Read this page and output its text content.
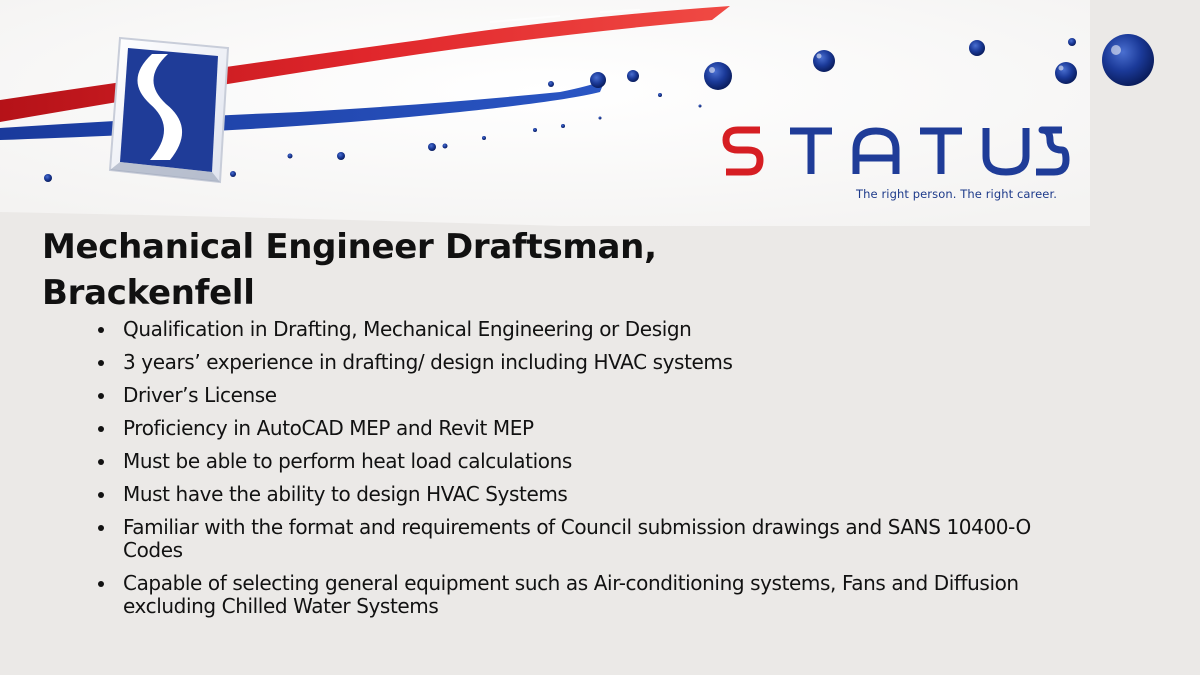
The right person. The right career.
Mechanical Engineer Draftsman,
Brackenfell
Qualification in Drafting, Mechanical Engineering or Design
3 years’ experience in drafting/ design including HVAC systems
Driver’s License
Proficiency in AutoCAD MEP and Revit MEP
Must be able to perform heat load calculations
Must have the ability to design HVAC Systems
Familiar with the format and requirements of Council submission drawings and SANS 10400-O Codes
Capable of selecting general equipment such as Air-conditioning systems, Fans and Diffusion excluding Chilled Water Systems
